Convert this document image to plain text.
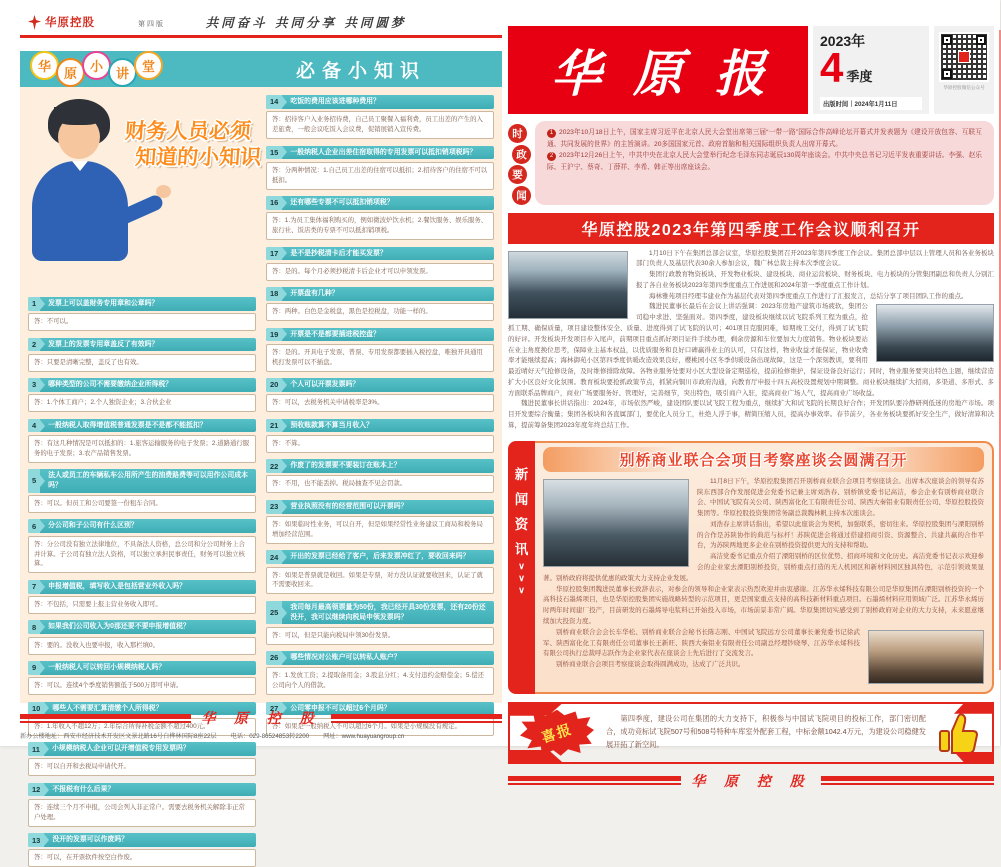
华原控股	第四版	共同奋斗 共同分享 共同圆梦
华 原 小 讲 堂	必备小知识
财务人员必须
知道的小知识
1	发票上可以盖财务专用章和公章吗？
答：不可以。
2	发票上的发票专用章盖反了有效吗？
答：只要是清晰完整，盖反了也有效。
3	哪种类型的公司不需要缴纳企业所得税？
答：1.个体工商户；2.个人独资企业；3.合伙企业
4	一般纳税人取得增值税普通发票是不是都不能抵扣？
答：有这几种情况是可以抵扣的：1.旅客运输服务的电子发票；2.道路通行服务的电子发票；3.农产品销售发票。
5
法人或员工的车辆私车公用所产生的油费路费等可以用作公司成本吗？
答：可以。但员工和公司要签一份租车合同。
6	分公司和子公司有什么区别？
答：分公司没有独立法律地位，不具备法人资格，总公司和分公司财务上合并计算。子公司有独立法人资格，可以独立承担民事责任，财务可以独立核算。
7	申报增值税，填写收入是包括营业外收入吗？
答：不包括，只需要上报主营业务收入即可。
8	如果我们公司收入为0那还要不要申报增值税？
答：要的。没收入也要申报，收入那栏填0。
9	一般纳税人可以转回小规模纳税人吗？
答：可以。连续4个季度销售额低于500万即可申请。
10	哪些人不需要汇算清缴个人所得税？
答：1.年收入不超12万；2.年综合所得补税金额不超过400元。
11	小规模纳税人企业可以开增值税专用发票吗？
答：可以自开和去税局申请代开。
12	不报税有什么后果？
答：连续三个月不申报，公司会列入非正常户。需要去税务机关解除非正常户处理。
13	没开的发票可以作废吗？
答：可以，在开票软件按空白作废。
14	吃饭的费用应该进哪种费用？
答：招待客户入业务招待费，自己员工聚餐入福利费，员工出差的产生的入差旅费，一般会议吃饭入会议费，促销展销入宣传费。
15	一般纳税人企业出差住宿取得的专用发票可以抵扣销项税吗？
答：分两种情况：1.自己员工出差的住宿可以抵扣；2.招待客户的住宿不可以抵扣。
16	还有哪些专票不可以抵扣销项税？
答：1.为员工集体福利购买的，例如微波炉饮水机；2.餐饮服务、娱乐服务、旅行社、饭店类的专票不可以抵扣销项税。
17	是不是抄税清卡后才能买发票？
答：是的。每个月必须抄税清卡后企业才可以申领发票。
18	开票盘有几种？
答：两种。白色是金税盘，黑色是控税盘，功能一样的。
19	开票是不是都要插进税控盘？
答：是的。开具电子发票、普票、专用发票都要插入税控盘，唯独开具通用机打发票可以不插盘。
20	个人可以开票发票吗？
答：可以，去税务机关申请税率是3%。
21	预收账款算不算当月收入？
答：不算。
22	作废了的发票要不要装订在账本上？
答：不用，也不能丢掉。税局抽查不见会罚款。
23	营业执照没有的经营范围可以开票吗？
答：如果临时性业务，可以自开，但是如果经常性业务建议工商局和税务局增加经营范围。
24	开出的发票已经给了客户，后来发票冲红了，要收回来吗？
答：如果是普票就是收回。如果是专票，对方没认证就要收回来，认证了就不需要收回来。
25
我司每月最高领票量为50份，我已经开具30份发票，还有20份还没开，我可以继续向税局申领发票吗？
答：可以，但是只能向税局申领30份发票。
26	哪些情况对公账户可以转私人账户？
答：1.发放工资；2.提取备用金；3.股息分红；4.支付违约金赔偿金；5.偿还公司向个人的借款。
27	公司零申报不可以超过6个月吗？
答：如果是一般纳税人不可以超过6个月。如果是小规模没有规定。
华 原 控 股
新办公楼地址：西安市经济技术开发区文景北路16号白桦林国际8座22层 电话：029-86524853转2200 网址：www.huayuangroup.cn
华原报
2023年
4 季度
出版时间｜2024年1月11日
华原控股微信公众号
时
政
要
闻

1 2023年10月18日上午，国家主席习近平在北京人民大会堂出席第三届“一带一路”国际合作高峰论坛开幕式并发表题为《建设开放包容、互联互通、共同发展的世界》的主旨演讲。20多国国家元首、政府首脑和相关国际组织负责人出席开幕式。

2 2023年12月26日上午，中共中央在北京人民大会堂举行纪念毛泽东同志诞辰130周年座谈会。中共中央总书记习近平发表重要讲话。李强、赵乐际、王沪宁、蔡奇、丁薛祥、李希、韩正等出席座谈会。

华原控股2023年第四季度工作会议顺利召开

1月10日下午在集团总部会议室，华原控股集团召开2023年第四季度工作会议。集团总部中层以上管理人员和各业务板块部门负责人及基层代表30余人参加会议，魏广林总裁主持本次季度会议。

集团行政教育物资板块、开发物业板块、建设板块、商业运营板块、财务板块、电力板块的分管集团副总和负责人分别汇报了各自业务板块2023年第四季度重点工作进展和2024年第一季度重点工作计划。

海林雅苑项目经理韦建业作为基层代表对第四季度重点工作进行了汇报发言，总结分享了项目团队工作的重点。

魏进民董事长最后在会议上讲话强调：2023年房地产建筑市场疲软，集团公司稳中求进、坚强面对。第四季度，建设板块继续以试飞院系列工程为重点，抢抓工期、确保质量，项目建设整体安全、质量、进度得到了试飞院的认可；401项目克服困难，如期竣工交付，得到了试飞院的好评。开发板块开发项目步入尾声，前期项目重点抓好项目证件手续办理，剩余房源和车位要加大力度销售。物业板块要站在业主角度换位思考，保障业主基本权益，以优质服务和良好口碑赢得业主的认可，只有这样，物业收益才能保证，物业收费率才能继续提高；海林御苑小区第四季度供暖改造效果良好，樱桃园小区冬季供暖设备出现故障，这是一个深刻教训，要利用最近晴好天气抢修设备，及时维修排除故障。各物业服务处要对小区大型设备定期巡检，提前检修维护，保证设备良好运行；同时，物业服务要突出特色主题，继续营造扩大小区良好文化氛围。教育板块要抢抓政策节点，抓紧向铜川市政府沟通，向教育厅申报十四五高校设置规划中期调整。商业板块继续扩大招商，多渠道、多形式、多方面联系品牌商户，商业广场要服务好、管理好，完善细节，突出特色，吸引商户入驻，提高商业广场人气，提高商业广场收益。

魏进民董事长讲话指出：2024年，市场依然严峻，建设团队要以试飞院工程为重点，继续扩大和试飞院的长期良好合作；开发团队要冷静研判低迷的房地产市场。项目开发要综合衡量；集团各板块和各直属部门，要优化人员分工，杜绝人浮于事，精简压缩人员，提高办事效率。春节前夕，各业务板块要抓好安全生产，做好清算和决算，提前筹备集团2023年度年终总结工作。

新
闻
资
讯
∨
∨
∨
别桥商业联合会项目考察座谈会圆满召开

11月8日下午，华原控股集团召开别桥商业联合会项目考察座谈会。出席本次座谈会的领导有苏陕东西部合作发展促进会党委书记兼主席刘浩春、别桥镇党委书记高洁，参会企业有别桥商业联合会、中国试飞院有关公司、陕西富化化工有限责任公司、陕西大秦铝业有限责任公司、华原控股投资集团等。华原控股投资集团常务副总裁魏林帆主持本次座谈会。

刘浩春主席讲话指出，希望以此座谈会为契机，加强联系，密切往来。华原控股集团与溧阳别桥的合作是苏陕协作的典范与标杆！苏陕促进会将通过搭建招商引资、资源整合、共建共赢的合作平台，为苏陕两地更多企业在别桥投资提供更大的支持和帮助。

高洁党委书记重点介绍了溧阳别桥的区位优势、招商环境和文化历史。高洁党委书记表示欢迎参会的企业家去溧阳别桥投资，别桥重点打造的无人机园区和新材料园区独具特色，示范引领效果显著。别桥政府将提供优惠的政策大力支持企业发展。

华原控股集团魏进民董事长致辞表示，对参会的领导和企业家表示热烈欢迎并由衷感谢。江苏华永烯科技有限公司是华原集团在溧阳别桥投资的一个高科技石墨烯项目，也是华原控股集团实施战略转型的示范项目，更是国家重点支持的高科技新材料重点项目。石墨烯材料应用领域广泛。江苏华永烯历时两年时间建厂投产，目前研发的石墨烯导电浆料已开始投入市场，市场前景非常广阔。华原集团切实感受到了别桥政府对企业的大力支持，未来愿意继续加大投资力度。

别桥商业联合会会长车华松、别桥商业联合会秘书长陈志刚、中国试飞院远方公司董事长兼党委书记徐武军、陕西富化化工有限责任公司董事长王新旺、陕西大秦铝业有限责任公司副总经理钞晓琴、江苏华永烯科技有限公司执行总裁呼志跃作为企业家代表在座谈会上先后进行了交流发言。

别桥商业联合会项目考察座谈会取得圆满成功，达成了广泛共识。

喜报

第四季度，建设公司在集团的大力支持下，积极参与中国试飞院项目的投标工作，部门密切配合，成功竞标试飞院507号和508号特种车库室外配套工程，中标金额1042.4万元，为建设公司稳健发展开拓了新空间。

华 原 控 股
